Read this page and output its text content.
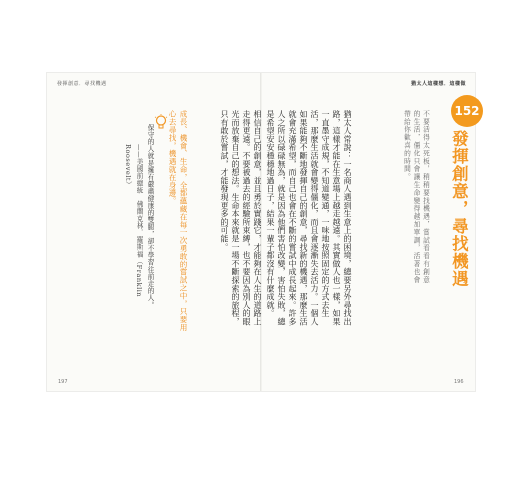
發揮創意．尋找機遇	猶太人這樣想．這樣做
152
發揮創意，尋找機遇
不要活得太死板，稍稍要找機遇，嘗試看看有創意的生活，僵化只會讓生命變得越加單調，活著也會帶給你歡喜的時間。
猶太人常說：一名商人遇到生意上的困境，總要另外尋找出路，這樣才能在生意場上越走越遠。其實做人也一樣，如果一直墨守成規，不知道變通，一味地按照固定的方式去生活，那麼生活就會變得僵化，而且會逐漸失去活力。一個人如果能夠不斷地發揮自己的創意，尋找新的機遇，那麼生活就會充滿希望，而自己也會在不斷的嘗試中成長起來。許多人之所以碌碌無為，就是因為他們害怕改變，害怕失敗，總是希望安安穩穩地過日子，結果一輩子都沒有什麼成就。
相信自己的創意，並且勇於實踐它，才能夠在人生的道路上走得更遠。不要被過去的經驗所束縛，也不要因為別人的眼光而放棄自己的想法。生命本來就是一場不斷探索的旅程，只有敢於嘗試，才能發現更多的可能。
成長、機會、生命，全都蘊藏在每一次勇敢的嘗試之中，只要用心去尋找，機遇就在身邊。
保守的人就是擁有嚴肅健康的雙腿，卻不學習往前走的人。
——美國前總統　佛蘭克林．羅斯福（Franklin Roosevelt）
197	196
